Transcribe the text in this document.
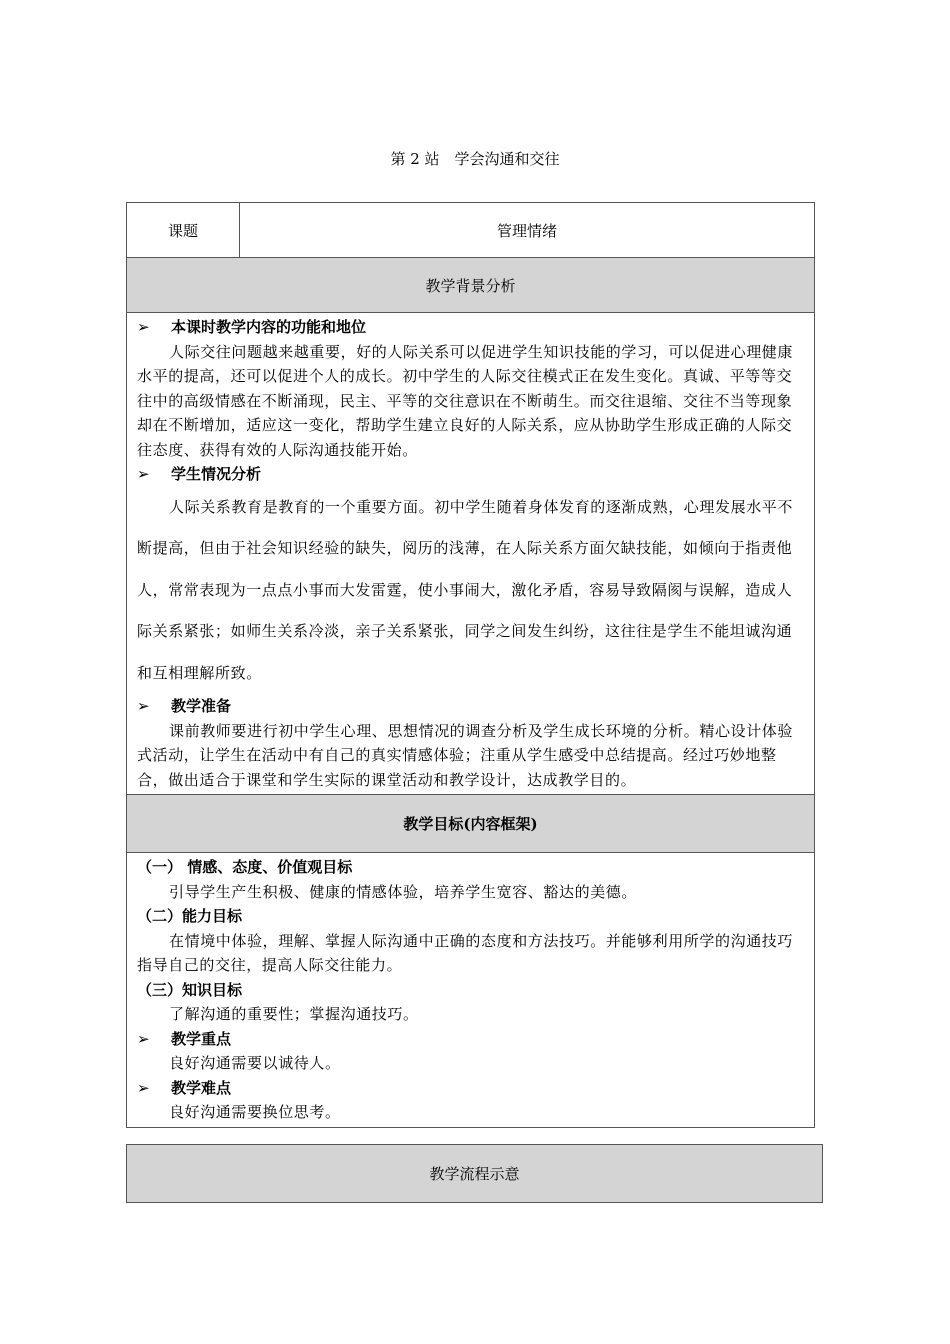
第 2 站　学会沟通和交往
课题	管理情绪
教学背景分析
➢	本课时教学内容的功能和地位
人际交往问题越来越重要，好的人际关系可以促进学生知识技能的学习，可以促进心理健康水平的提高，还可以促进个人的成长。初中学生的人际交往模式正在发生变化。真诚、平等等交往中的高级情感在不断涌现，民主、平等的交往意识在不断萌生。而交往退缩、交往不当等现象却在不断增加，适应这一变化，帮助学生建立良好的人际关系，应从协助学生形成正确的人际交往态度、获得有效的人际沟通技能开始。
➢	学生情况分析
人际关系教育是教育的一个重要方面。初中学生随着身体发育的逐渐成熟，心理发展水平不断提高，但由于社会知识经验的缺失，阅历的浅薄，在人际关系方面欠缺技能，如倾向于指责他人，常常表现为一点点小事而大发雷霆，使小事闹大，激化矛盾，容易导致隔阂与误解，造成人际关系紧张；如师生关系冷淡，亲子关系紧张，同学之间发生纠纷，这往往是学生不能坦诚沟通和互相理解所致。
➢	教学准备
课前教师要进行初中学生心理、思想情况的调查分析及学生成长环境的分析。精心设计体验式活动，让学生在活动中有自己的真实情感体验；注重从学生感受中总结提高。经过巧妙地整合，做出适合于课堂和学生实际的课堂活动和教学设计，达成教学目的。
教学目标(内容框架)
（一） 情感、态度、价值观目标
引导学生产生积极、健康的情感体验，培养学生宽容、豁达的美德。
（二）能力目标
在情境中体验，理解、掌握人际沟通中正确的态度和方法技巧。并能够利用所学的沟通技巧指导自己的交往，提高人际交往能力。
（三）知识目标
了解沟通的重要性；掌握沟通技巧。
➢	教学重点
良好沟通需要以诚待人。
➢	教学难点
良好沟通需要换位思考。
教学流程示意
